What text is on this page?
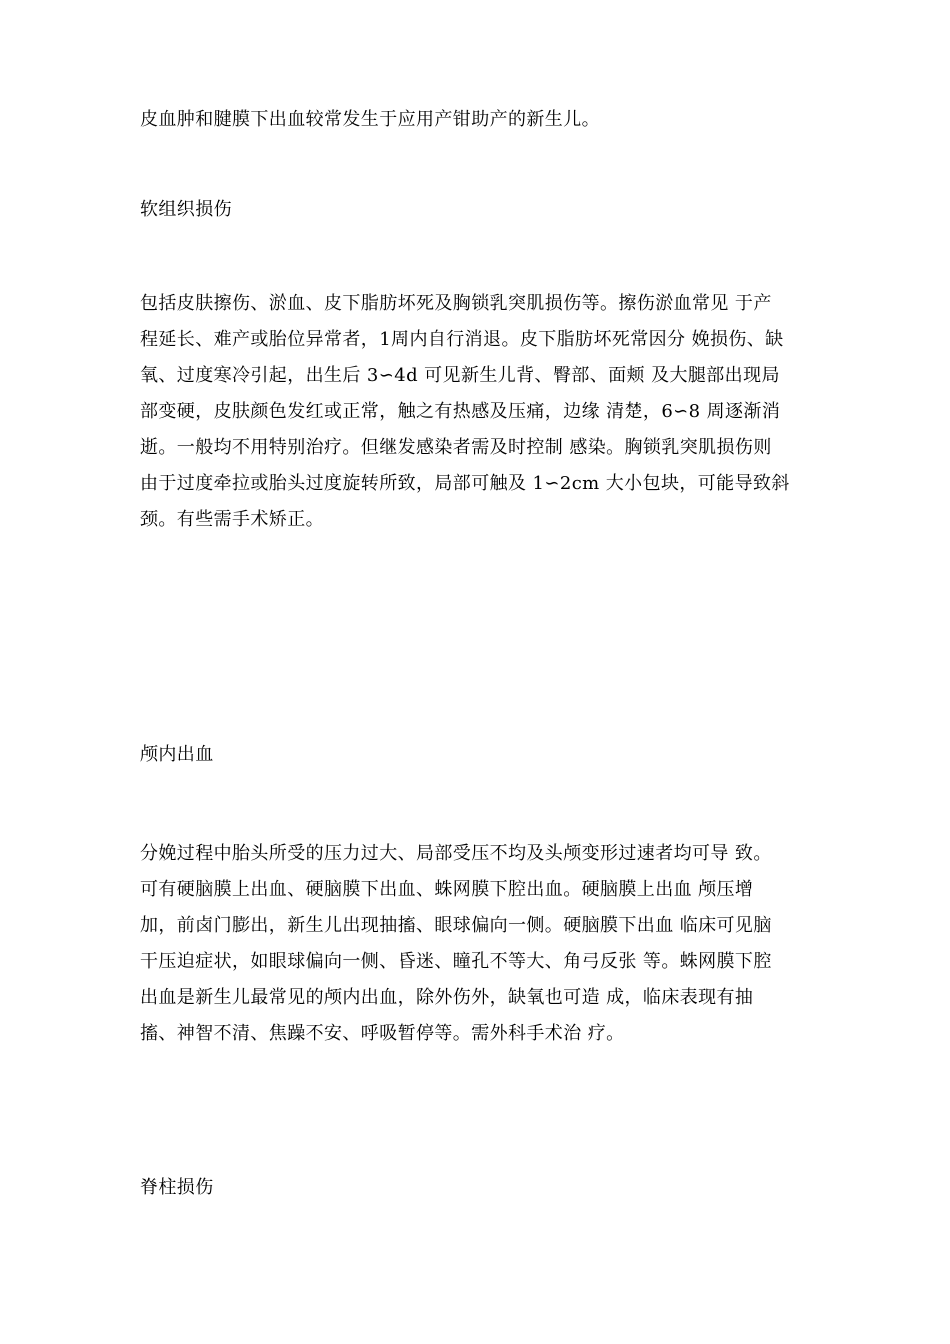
皮血肿和腱膜下出血较常发生于应用产钳助产的新生儿。

软组织损伤

包括皮肤擦伤、淤血、皮下脂肪坏死及胸锁乳突肌损伤等。擦伤淤血常见 于产
程延长、难产或胎位异常者，1周内自行消退。皮下脂肪坏死常因分 娩损伤、缺
氧、过度寒冷引起，出生后 3∽4d 可见新生儿背、臀部、面颊 及大腿部出现局
部变硬，皮肤颜色发红或正常，触之有热感及压痛，边缘 清楚，6∽8 周逐渐消
逝。一般均不用特别治疗。但继发感染者需及时控制 感染。胸锁乳突肌损伤则
由于过度牵拉或胎头过度旋转所致，局部可触及 1∽2cm 大小包块，可能导致斜
颈。有些需手术矫正。

颅内出血

分娩过程中胎头所受的压力过大、局部受压不均及头颅变形过速者均可导 致。
可有硬脑膜上出血、硬脑膜下出血、蛛网膜下腔出血。硬脑膜上出血 颅压增
加，前卤门膨出，新生儿出现抽搐、眼球偏向一侧。硬脑膜下出血 临床可见脑
干压迫症状，如眼球偏向一侧、昏迷、瞳孔不等大、角弓反张 等。蛛网膜下腔
出血是新生儿最常见的颅内出血，除外伤外，缺氧也可造 成，临床表现有抽
搐、神智不清、焦躁不安、呼吸暂停等。需外科手术治 疗。

脊柱损伤
